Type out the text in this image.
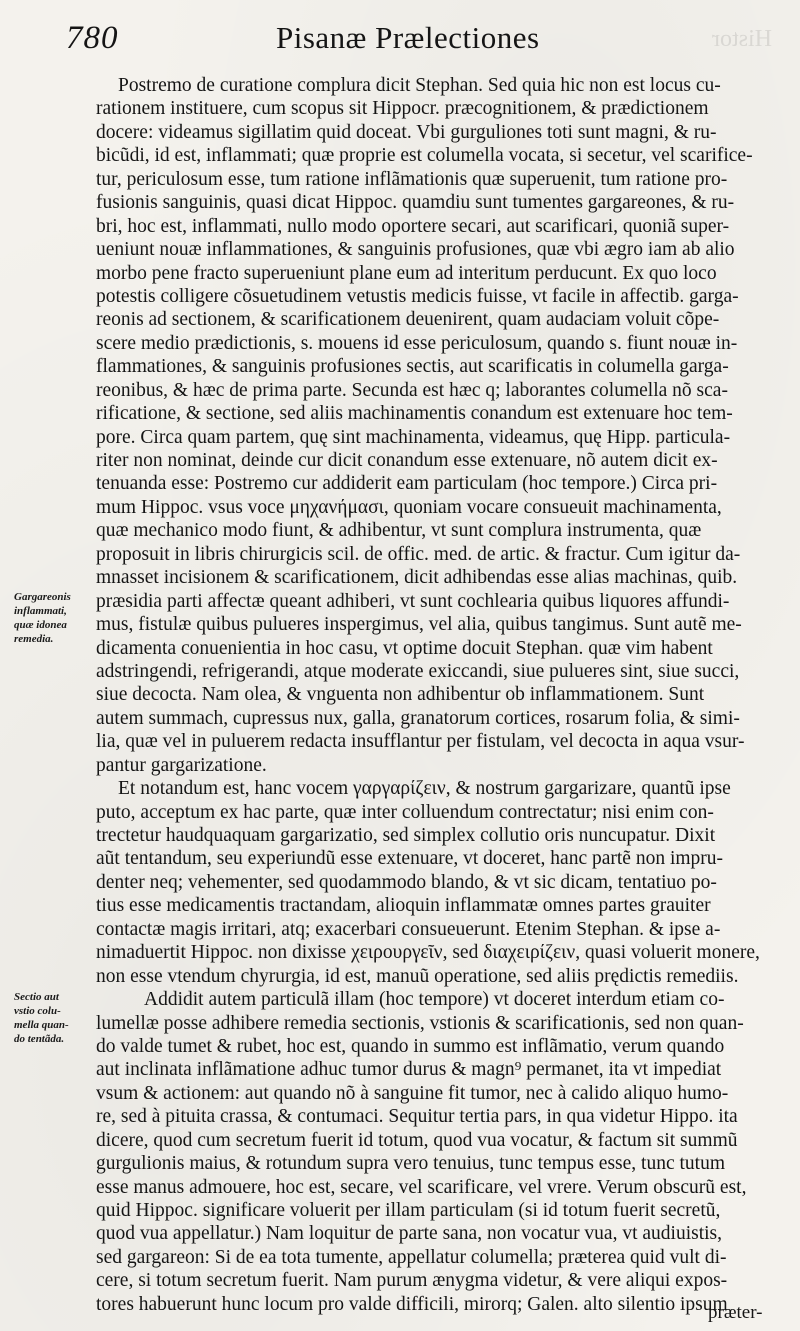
Histor
780	Pisanæ Prælectiones
Postremo de curatione complura dicit Stephan. Sed quia hic non est locus cu-
rationem instituere, cum scopus sit Hippocr. præcognitionem, & prædictionem
docere: videamus sigillatim quid doceat. Vbi gurguliones toti sunt magni, & ru-
bicũdi, id est, inflammati; quæ proprie est columella vocata, si secetur, vel scarifice-
tur, periculosum esse, tum ratione inflãmationis quæ superuenit, tum ratione pro-
fusionis sanguinis, quasi dicat Hippoc. quamdiu sunt tumentes gargareones, & ru-
bri, hoc est, inflammati, nullo modo oportere secari, aut scarificari, quoniã super-
ueniunt nouæ inflammationes, & sanguinis profusiones, quæ vbi ægro iam ab alio
morbo pene fracto superueniunt plane eum ad interitum perducunt. Ex quo loco
potestis colligere cõsuetudinem vetustis medicis fuisse, vt facile in affectib. garga-
reonis ad sectionem, & scarificationem deuenirent, quam audaciam voluit cõpe-
scere medio prædictionis, s. mouens id esse periculosum, quando s. fiunt nouæ in-
flammationes, & sanguinis profusiones sectis, aut scarificatis in columella garga-
reonibus, & hæc de prima parte. Secunda est hæc q; laborantes columella nõ sca-
rificatione, & sectione, sed aliis machinamentis conandum est extenuare hoc tem-
pore. Circa quam partem, quę sint machinamenta, videamus, quę Hipp. particula-
riter non nominat, deinde cur dicit conandum esse extenuare, nõ autem dicit ex-
tenuanda esse: Postremo cur addiderit eam particulam (hoc tempore.) Circa pri-
mum Hippoc. vsus voce μηχανήμασι, quoniam vocare consueuit machinamenta,
quæ mechanico modo fiunt, & adhibentur, vt sunt complura instrumenta, quæ
proposuit in libris chirurgicis scil. de offic. med. de artic. & fractur. Cum igitur da-
mnasset incisionem & scarificationem, dicit adhibendas esse alias machinas, quib.
præsidia parti affectæ queant adhiberi, vt sunt cochlearia quibus liquores affundi-
mus, fistulæ quibus pulueres inspergimus, vel alia, quibus tangimus. Sunt autẽ me-
dicamenta conuenientia in hoc casu, vt optime docuit Stephan. quæ vim habent
adstringendi, refrigerandi, atque moderate exiccandi, siue pulueres sint, siue succi,
siue decocta. Nam olea, & vnguenta non adhibentur ob inflammationem. Sunt
autem summach, cupressus nux, galla, granatorum cortices, rosarum folia, & simi-
lia, quæ vel in puluerem redacta insufflantur per fistulam, vel decocta in aqua vsur-
pantur gargarizatione.
Et notandum est, hanc vocem γαργαρίζειν, & nostrum gargarizare, quantũ ipse
puto, acceptum ex hac parte, quæ inter colluendum contrectatur; nisi enim con-
trectetur haudquaquam gargarizatio, sed simplex collutio oris nuncupatur. Dixit
aũt tentandum, seu experiundũ esse extenuare, vt doceret, hanc partẽ non impru-
denter neq; vehementer, sed quodammodo blando, & vt sic dicam, tentatiuo po-
tius esse medicamentis tractandam, alioquin inflammatæ omnes partes grauiter
contactæ magis irritari, atq; exacerbari consueuerunt. Etenim Stephan. & ipse a-
nimaduertit Hippoc. non dixisse χειρουργεῖν, sed διαχειρίζειν, quasi voluerit monere,
non esse vtendum chyrurgia, id est, manuũ operatione, sed aliis prędictis remediis.
Addidit autem particulã illam (hoc tempore) vt doceret interdum etiam co-
lumellæ posse adhibere remedia sectionis, vstionis & scarificationis, sed non quan-
do valde tumet & rubet, hoc est, quando in summo est inflãmatio, verum quando
aut inclinata inflãmatione adhuc tumor durus & magn⁹ permanet, ita vt impediat
vsum & actionem: aut quando nõ à sanguine fit tumor, nec à calido aliquo humo-
re, sed à pituita crassa, & contumaci. Sequitur tertia pars, in qua videtur Hippo. ita
dicere, quod cum secretum fuerit id totum, quod vua vocatur, & factum sit summũ
gurgulionis maius, & rotundum supra vero tenuius, tunc tempus esse, tunc tutum
esse manus admouere, hoc est, secare, vel scarificare, vel vrere. Verum obscurũ est,
quid Hippoc. significare voluerit per illam particulam (si id totum fuerit secretũ,
quod vua appellatur.) Nam loquitur de parte sana, non vocatur vua, vt audiuistis,
sed gargareon: Si de ea tota tumente, appellatur columella; præterea quid vult di-
cere, si totum secretum fuerit. Nam purum ænygma videtur, & vere aliqui expos-
tores habuerunt hunc locum pro valde difficili, mirorq; Galen. alto silentio ipsum
Gargareonis
inflammati,
quæ idonea
remedia.
Sectio aut
vstio colu-
mella quan-
do tentãda.
præter-
